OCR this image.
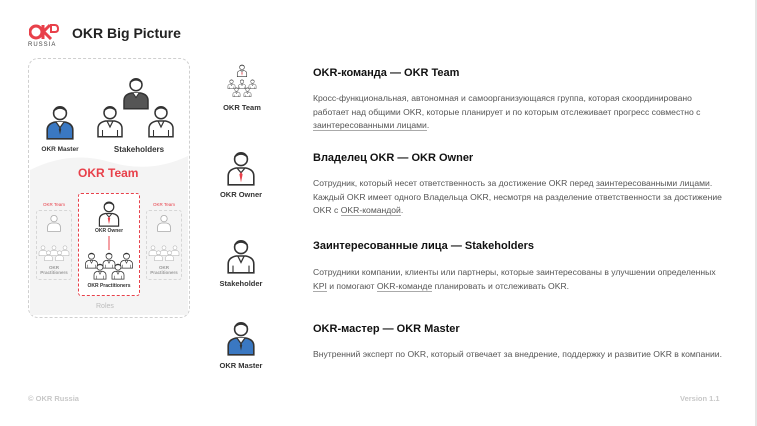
RUSSIA
OKR Big Picture
OKR Master	Stakeholders
OKR Team
OKR Team
OKR Practitioners
OKR Team
OKR Practitioners
OKR Owner
OKR Practitioners
Roles
OKR Team
OKR-команда — OKR Team
Кросс-функциональная, автономная и самоорганизующаяся группа, которая скоординировано работает над общими OKR, которые планирует и по которым отслеживает прогресс совместно с заинтересованными лицами.
OKR Owner
Владелец OKR — OKR Owner
Сотрудник, который несет ответственность за достижение OKR перед заинтересованными лицами. Каждый OKR имеет одного Владельца OKR, несмотря на разделение ответственности за достижение OKR с OKR-командой.
Stakeholder
Заинтересованные лица — Stakeholders
Сотрудники компании, клиенты или партнеры, которые заинтересованы в улучшении определенных KPI и помогают OKR-команде планировать и отслеживать OKR.
OKR Master
OKR-мастер — OKR Master
Внутренний эксперт по OKR, который отвечает за внедрение, поддержку и развитие OKR в компании.
© OKR Russia	Version 1.1
